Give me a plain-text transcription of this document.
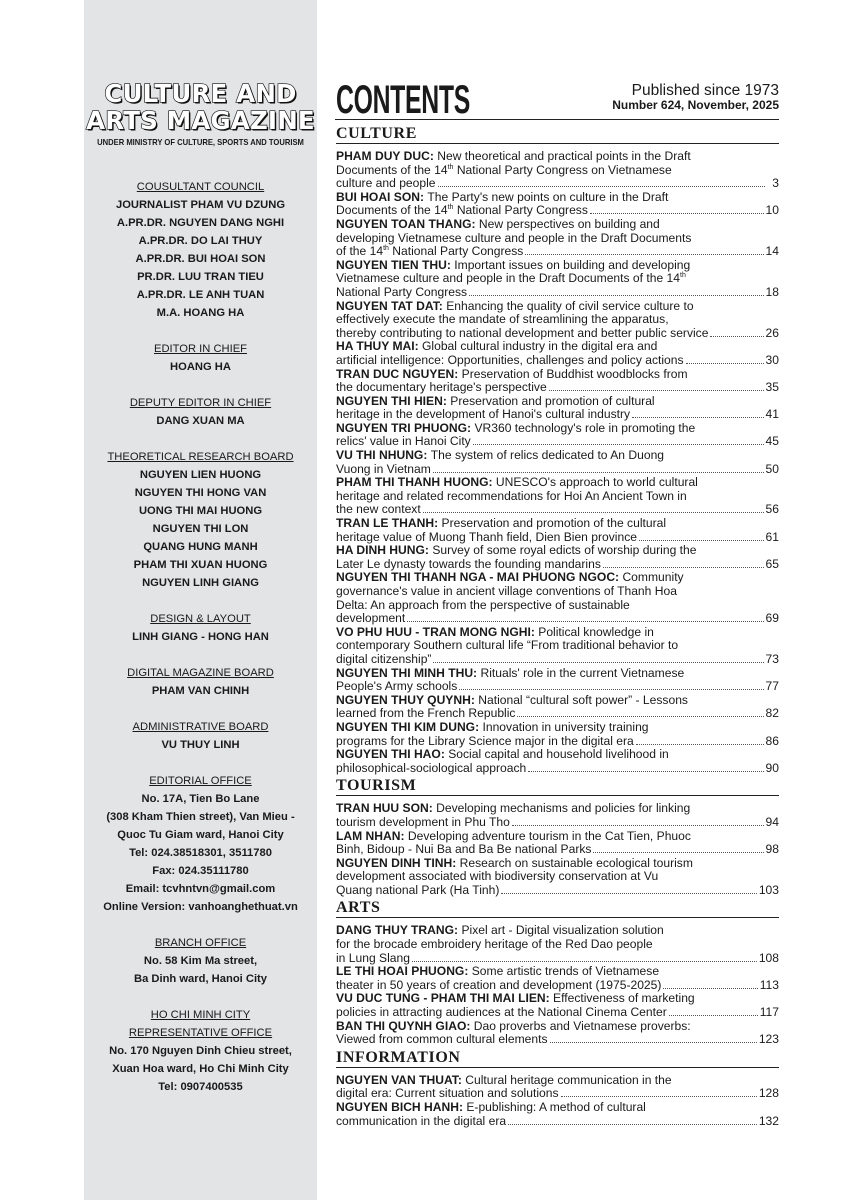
CULTURE AND
ARTS MAGAZINE
UNDER MINISTRY OF CULTURE, SPORTS AND TOURISM
COUSULTANT COUNCIL
JOURNALIST PHAM VU DZUNG
A.PR.DR. NGUYEN DANG NGHI
A.PR.DR. DO LAI THUY
A.PR.DR. BUI HOAI SON
PR.DR. LUU TRAN TIEU
A.PR.DR. LE ANH TUAN
M.A. HOANG HA
EDITOR IN CHIEF
HOANG HA
DEPUTY EDITOR IN CHIEF
DANG XUAN MA
THEORETICAL RESEARCH BOARD
NGUYEN LIEN HUONG
NGUYEN THI HONG VAN
UONG THI MAI HUONG
NGUYEN THI LON
QUANG HUNG MANH
PHAM THI XUAN HUONG
NGUYEN LINH GIANG
DESIGN & LAYOUT
LINH GIANG - HONG HAN
DIGITAL MAGAZINE BOARD
PHAM VAN CHINH
ADMINISTRATIVE BOARD
VU THUY LINH
EDITORIAL OFFICE
No. 17A, Tien Bo Lane
(308 Kham Thien street), Van Mieu -
Quoc Tu Giam ward, Hanoi City
Tel: 024.38518301, 3511780
Fax: 024.35111780
Email: tcvhntvn@gmail.com
Online Version: vanhoanghethuat.vn
BRANCH OFFICE
No. 58 Kim Ma street,
Ba Dinh ward, Hanoi City
HO CHI MINH CITY
REPRESENTATIVE OFFICE
No. 170 Nguyen Dinh Chieu street,
Xuan Hoa ward, Ho Chi Minh City
Tel: 0907400535
CONTENTS	Published since 1973
Number 624, November, 2025
CULTURE
PHAM DUY DUC:
New theoretical and practical points in the Draft
Documents of the 14th National Party Congress on Vietnamese
culture and people	3
BUI HOAI SON:
The Party's new points on culture in the Draft
Documents of the 14th National Party Congress	10
NGUYEN TOAN THANG:
New perspectives on building and
developing Vietnamese culture and people in the Draft Documents
of the 14th National Party Congress	14
NGUYEN TIEN THU:
Important issues on building and developing
Vietnamese culture and people in the Draft Documents of the 14th
National Party Congress	18
NGUYEN TAT DAT:
Enhancing the quality of civil service culture to
effectively execute the mandate of streamlining the apparatus,
thereby contributing to national development and better public service	26
HA THUY MAI:
Global cultural industry in the digital era and
artificial intelligence: Opportunities, challenges and policy actions	30
TRAN DUC NGUYEN:
Preservation of Buddhist woodblocks from
the documentary heritage's perspective	35
NGUYEN THI HIEN:
Preservation and promotion of cultural
heritage in the development of Hanoi's cultural industry	41
NGUYEN TRI PHUONG:
VR360 technology's role in promoting the
relics' value in Hanoi City	45
VU THI NHUNG:
The system of relics dedicated to An Duong
Vuong in Vietnam	50
PHAM THI THANH HUONG:
UNESCO's approach to world cultural
heritage and related recommendations for Hoi An Ancient Town in
the new context	56
TRAN LE THANH:
Preservation and promotion of the cultural
heritage value of Muong Thanh field, Dien Bien province	61
HA DINH HUNG:
Survey of some royal edicts of worship during the
Later Le dynasty towards the founding mandarins	65
NGUYEN THI THANH NGA - MAI PHUONG NGOC:
Community
governance's value in ancient village conventions of Thanh Hoa
Delta: An approach from the perspective of sustainable
development	69
VO PHU HUU - TRAN MONG NGHI:
Political knowledge in
contemporary Southern cultural life “From traditional behavior to
digital citizenship”	73
NGUYEN THI MINH THU:
Rituals' role in the current Vietnamese
People's Army schools	77
NGUYEN THUY QUYNH:
National “cultural soft power” - Lessons
learned from the French Republic	82
NGUYEN THI KIM DUNG:
Innovation in university training
programs for the Library Science major in the digital era	86
NGUYEN THI HAO:
Social capital and household livelihood in
philosophical-sociological approach	90
TOURISM
TRAN HUU SON:
Developing mechanisms and policies for linking
tourism development in Phu Tho	94
LAM NHAN:
Developing adventure tourism in the Cat Tien, Phuoc
Binh, Bidoup - Nui Ba and Ba Be national Parks	98
NGUYEN DINH TINH:
Research on sustainable ecological tourism
development associated with biodiversity conservation at Vu
Quang national Park (Ha Tinh)	103
ARTS
DANG THUY TRANG:
Pixel art - Digital visualization solution
for the brocade embroidery heritage of the Red Dao people
in Lung Slang	108
LE THI HOAI PHUONG:
Some artistic trends of Vietnamese
theater in 50 years of creation and development (1975-2025)	113
VU DUC TUNG - PHAM THI MAI LIEN:
Effectiveness of marketing
policies in attracting audiences at the National Cinema Center	117
BAN THI QUYNH GIAO:
Dao proverbs and Vietnamese proverbs:
Viewed from common cultural elements	123
INFORMATION
NGUYEN VAN THUAT:
Cultural heritage communication in the
digital era: Current situation and solutions	128
NGUYEN BICH HANH:
E-publishing: A method of cultural
communication in the digital era	132
